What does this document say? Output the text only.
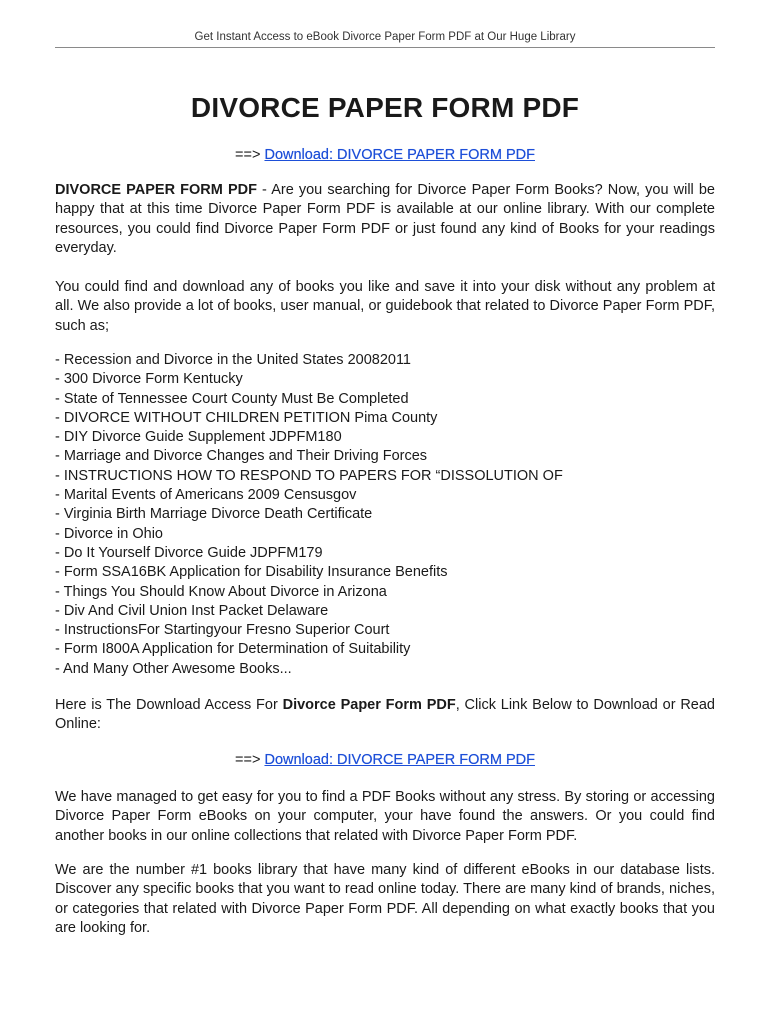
Get Instant Access to eBook Divorce Paper Form PDF at Our Huge Library
DIVORCE PAPER FORM PDF
==> Download: DIVORCE PAPER FORM PDF

DIVORCE PAPER FORM PDF - Are you searching for Divorce Paper Form Books? Now, you will be happy that at this time Divorce Paper Form PDF is available at our online library. With our complete resources, you could find Divorce Paper Form PDF or just found any kind of Books for your readings everyday.

You could find and download any of books you like and save it into your disk without any problem at all. We also provide a lot of books, user manual, or guidebook that related to Divorce Paper Form PDF, such as;

- Recession and Divorce in the United States 20082011
- 300 Divorce Form Kentucky
- State of Tennessee Court County Must Be Completed
- DIVORCE WITHOUT CHILDREN PETITION Pima County
- DIY Divorce Guide Supplement JDPFM180
- Marriage and Divorce Changes and Their Driving Forces
- INSTRUCTIONS HOW TO RESPOND TO PAPERS FOR “DISSOLUTION OF
- Marital Events of Americans 2009 Censusgov
- Virginia Birth Marriage Divorce Death Certificate
- Divorce in Ohio
- Do It Yourself Divorce Guide JDPFM179
- Form SSA16BK Application for Disability Insurance Benefits
- Things You Should Know About Divorce in Arizona
- Div And Civil Union Inst Packet Delaware
- InstructionsFor Startingyour Fresno Superior Court
- Form I800A Application for Determination of Suitability
- And Many Other Awesome Books...

Here is The Download Access For Divorce Paper Form PDF, Click Link Below to Download or Read Online:

==> Download: DIVORCE PAPER FORM PDF

We have managed to get easy for you to find a PDF Books without any stress. By storing or accessing Divorce Paper Form eBooks on your computer, your have found the answers. Or you could find another books in our online collections that related with Divorce Paper Form PDF.

We are the number #1 books library that have many kind of different eBooks in our database lists. Discover any specific books that you want to read online today. There are many kind of brands, niches, or categories that related with Divorce Paper Form PDF. All depending on what exactly books that you are looking for.
